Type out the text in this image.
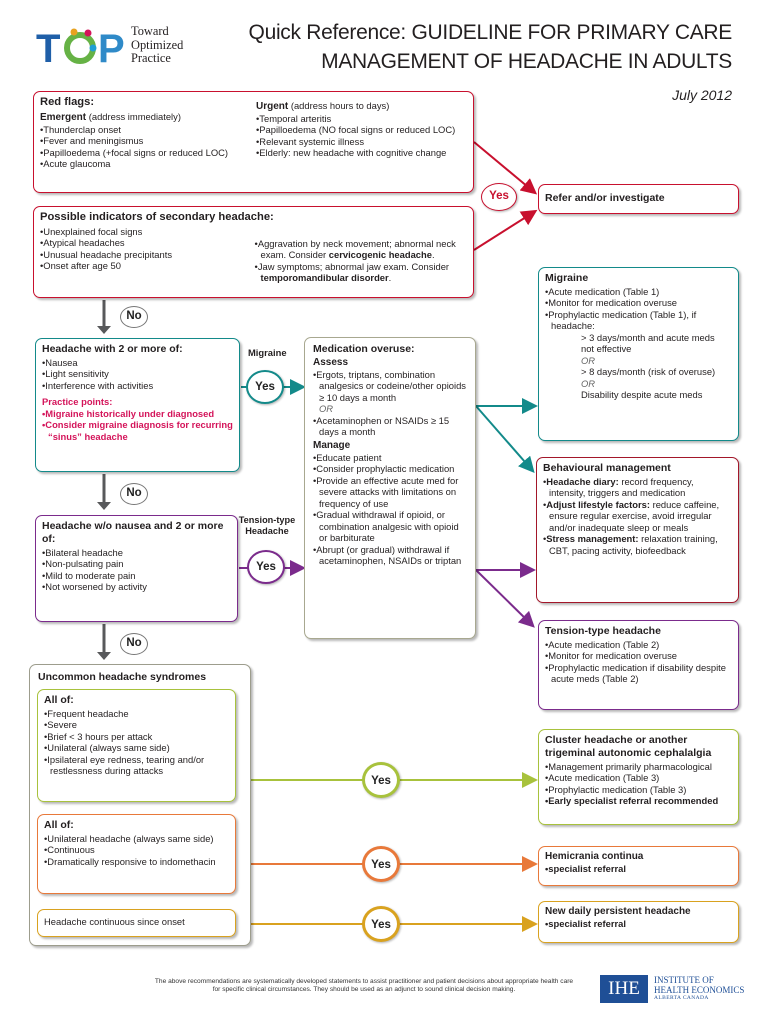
T P Toward
Optimized
Practice
Quick Reference: GUIDELINE FOR PRIMARY CARE
MANAGEMENT OF HEADACHE IN ADULTS
July 2012
Red flags:
Emergent (address immediately)
• Thunderclap onset
• Fever and meningismus
• Papilloedema (+focal signs or reduced LOC)
• Acute glaucoma
Urgent (address hours to days)
• Temporal arteritis
• Papilloedema (NO focal signs or reduced LOC)
• Relevant systemic illness
• Elderly: new headache with cognitive change
Possible indicators of secondary headache:
• Unexplained focal signs
• Atypical headaches
• Unusual headache precipitants
• Onset after age 50
• Aggravation by neck movement; abnormal neck exam. Consider cervicogenic headache.
• Jaw symptoms; abnormal jaw exam. Consider temporomandibular disorder.
Yes	Refer and/or investigate
No
No
No
Headache with 2 or more of:
• Nausea
• Light sensitivity
• Interference with activities
Practice points:
• Migraine historically under diagnosed
• Consider migraine diagnosis for recurring “sinus” headache
Migraine
Yes
Headache w/o nausea and 2 or more of:
• Bilateral headache
• Non-pulsating pain
• Mild to moderate pain
• Not worsened by activity
Tension-type
Headache
Yes
Medication overuse:
Assess
• Ergots, triptans, combination analgesics or codeine/other opioids ≥ 10 days a month
OR
• Acetaminophen or NSAIDs ≥ 15 days a month
Manage
• Educate patient
• Consider prophylactic medication
• Provide an effective acute med for severe attacks with limitations on frequency of use
• Gradual withdrawal if opioid, or combination analgesic with opioid or barbiturate
• Abrupt (or gradual) withdrawal if acetaminophen, NSAIDs or triptan
Migraine
• Acute medication (Table 1)
• Monitor for medication overuse
• Prophylactic medication (Table 1), if headache:
> 3 days/month and acute meds not effective
OR
> 8 days/month (risk of overuse)
OR
Disability despite acute meds
Behavioural management
• Headache diary: record frequency, intensity, triggers and medication
• Adjust lifestyle factors: reduce caffeine, ensure regular exercise, avoid irregular and/or inadequate sleep or meals
• Stress management: relaxation training, CBT, pacing activity, biofeedback
Tension-type headache
• Acute medication (Table 2)
• Monitor for medication overuse
• Prophylactic medication if disability despite acute meds (Table 2)
Uncommon headache syndromes
All of:
• Frequent headache
• Severe
• Brief < 3 hours per attack
• Unilateral (always same side)
• Ipsilateral eye redness, tearing and/or restlessness during attacks
All of:
• Unilateral headache (always same side)
• Continuous
• Dramatically responsive to indomethacin
Headache continuous since onset
Yes
Yes
Yes
Cluster headache or another trigeminal autonomic cephalalgia
• Management primarily pharmacological
• Acute medication (Table 3)
• Prophylactic medication (Table 3)
• Early specialist referral recommended
Hemicrania continua
• specialist referral
New daily persistent headache
• specialist referral
The above recommendations are systematically developed statements to assist practitioner and patient decisions about appropriate health care
for specific clinical circumstances. They should be used as an adjunct to sound clinical decision making.	IHE	INSTITUTE OF
HEALTH ECONOMICS
ALBERTA CANADA
